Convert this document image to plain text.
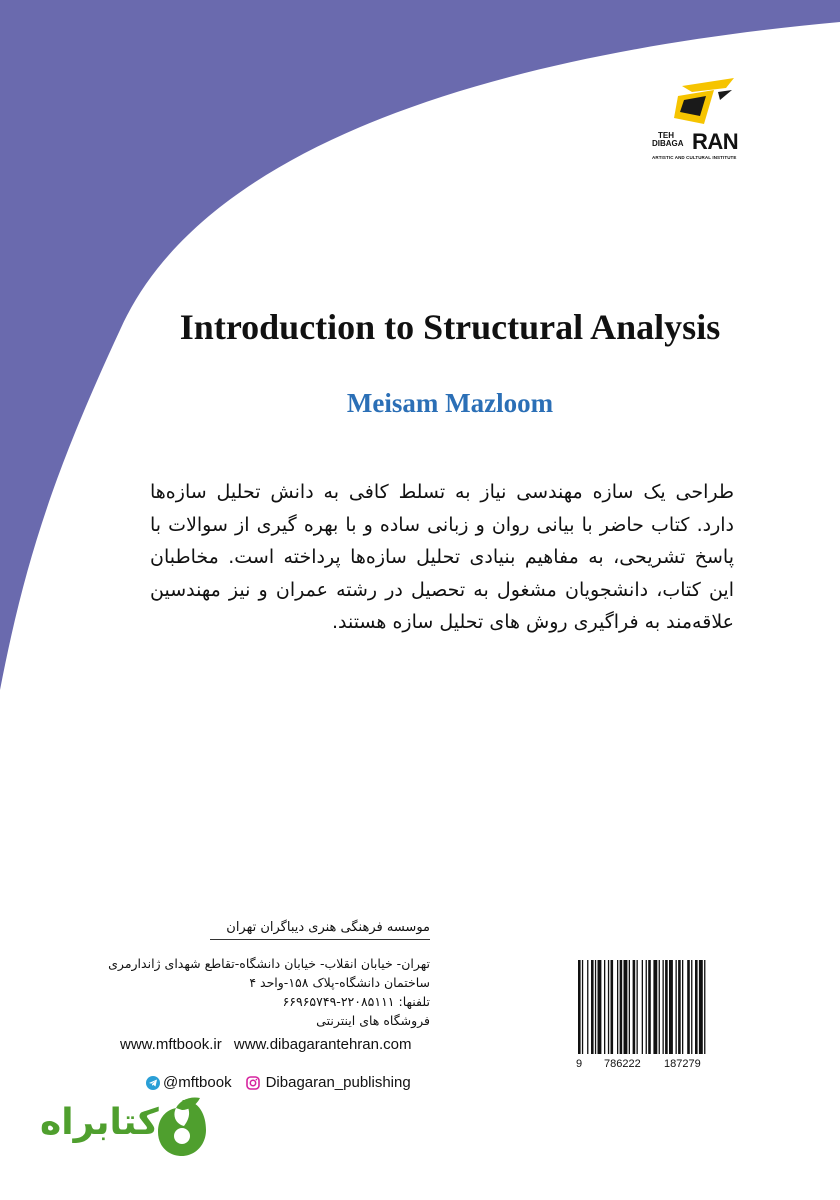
TEH
DIBAGA RAN
ARTISTIC AND CULTURAL INSTITUTE
Introduction to Structural Analysis
Meisam Mazloom
طراحی یک سازه مهندسی نیاز به تسلط کافی به دانش تحلیل سازه‌ها دارد. کتاب حاضر با بیانی روان و زبانی ساده و با بهره گیری از سوالات با پاسخ تشریحی، به مفاهیم بنیادی تحلیل سازه‌ها پرداخته است. مخاطبان این کتاب، دانشجویان مشغول به تحصیل در رشته عمران و نیز مهندسین علاقه‌مند به فراگیری روش های تحلیل سازه هستند.
موسسه فرهنگی هنری دیباگران تهران
تهران- خیابان انقلاب- خیابان دانشگاه-تقاطع شهدای ژاندارمری
ساختمان دانشگاه-پلاک ۱۵۸-واحد ۴
تلفنها: ۲۲۰۸۵۱۱۱-۶۶۹۶۵۷۴۹
فروشگاه های اینترنتی
www.mftbook.ir www.dibagarantehran.com
@mftbook Dibagaran_publishing
9 786222 187279
کتابراه
